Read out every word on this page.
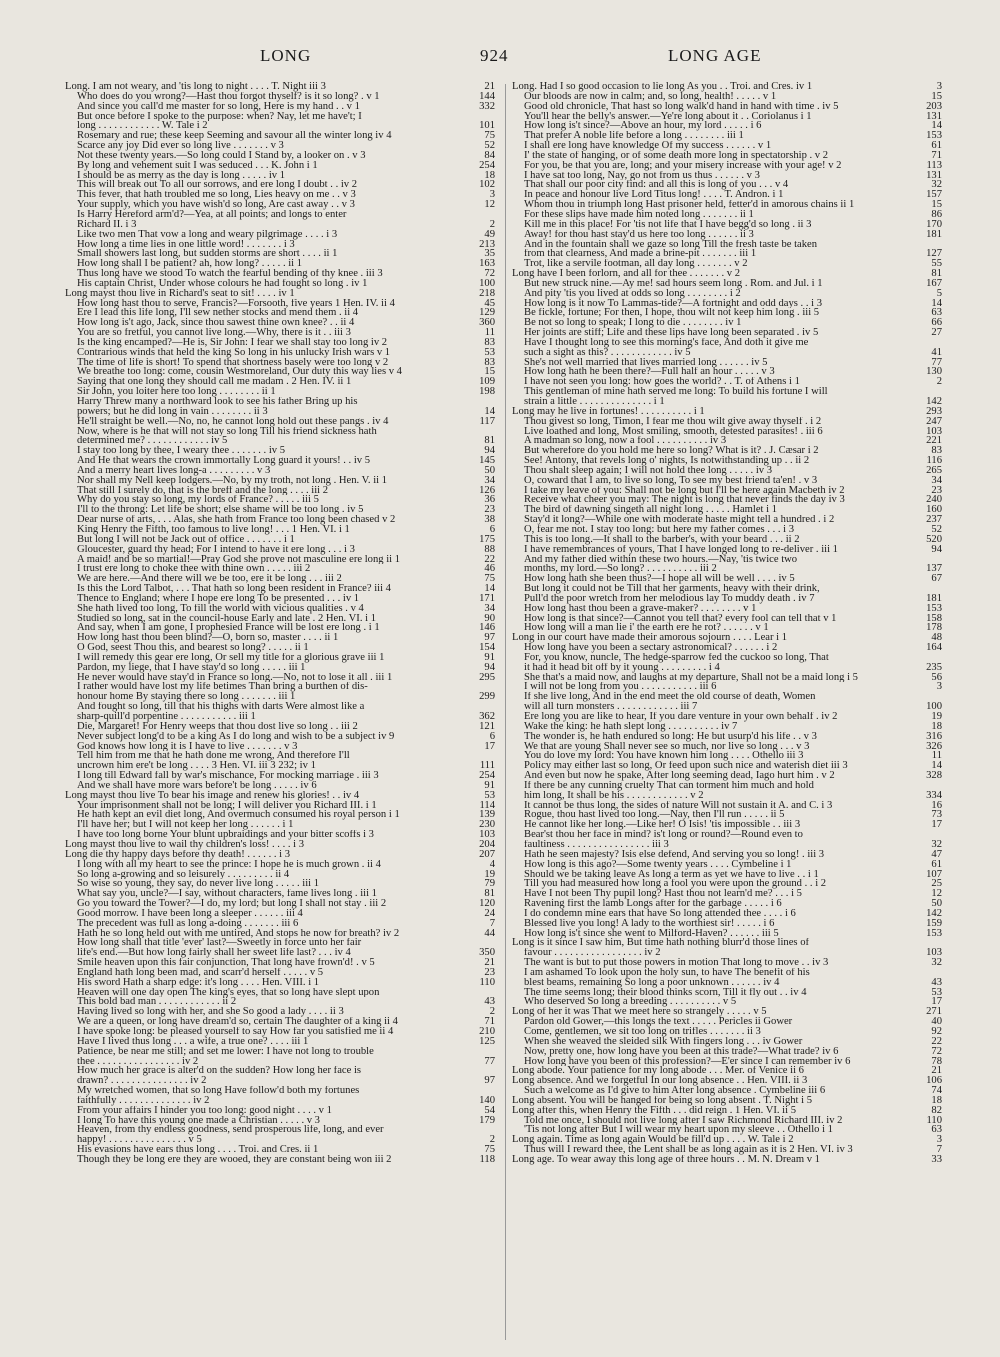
LONG	924	LONG AGE
Long. I am not weary, and 'tis long to night . . . . T. Night iii 3	21
Who does do you wrong?—Hast thou forgot thyself? is it so long? . v 1	144
And since you call'd me master for so long, Here is my hand . . v 1	332
But once before I spoke to the purpose: when? Nay, let me have't; I
long . . . . . . . . . . . . W. Tale i 2	101
Rosemary and rue; these keep Seeming and savour all the winter long iv 4	75
Scarce any joy Did ever so long live . . . . . . . v 3	52
Not these twenty years.—So long could I Stand by, a looker on . v 3	84
By long and vehement suit I was seduced . . . K. John i 1	254
I should be as merry as the day is long . . . . . iv 1	18
This will break out To all our sorrows, and ere long I doubt . . iv 2	102
This fever, that hath troubled me so long, Lies heavy on me . . v 3	3
Your supply, which you have wish'd so long, Are cast away . . v 3	12
Is Harry Hereford arm'd?—Yea, at all points; and longs to enter
Richard II. i 3	2
Like two men That vow a long and weary pilgrimage . . . . i 3	49
How long a time lies in one little word! . . . . . . . i 3	213
Small showers last long, but sudden storms are short . . . . ii 1	35
How long shall I be patient? ah, how long? . . . . . ii 1	163
Thus long have we stood To watch the fearful bending of thy knee . iii 3	72
His captain Christ, Under whose colours he had fought so long . iv 1	100
Long mayst thou live in Richard's seat to sit! . . . . iv 1	218
How long hast thou to serve, Francis?—Forsooth, five years 1 Hen. IV. ii 4	45
Ere I lead this life long, I'll sew nether stocks and mend them . ii 4	129
How long is't ago, Jack, since thou sawest thine own knee? . . ii 4	360
You are so fretful, you cannot live long.—Why, there is it . . iii 3	11
Is the king encamped?—He is, Sir John: I fear we shall stay too long iv 2	83
Contrarious winds that held the king So long in his unlucky Irish wars v 1	53
The time of life is short! To spend that shortness basely were too long v 2	83
We breathe too long: come, cousin Westmoreland, Our duty this way lies v 4	15
Saying that one long they should call me madam . 2 Hen. IV. ii 1	109
Sir John, you loiter here too long . . . . . . . . ii 1	198
Harry Threw many a northward look to see his father Bring up his
powers; but he did long in vain . . . . . . . . ii 3	14
He'll straight be well.—No, no, he cannot long hold out these pangs . iv 4	117
Now, where is he that will not stay so long Till his friend sickness hath
determined me? . . . . . . . . . . . . iv 5	81
I stay too long by thee, I weary thee . . . . . . . iv 5	94
And He that wears the crown immortally Long guard it yours! . . iv 5	145
And a merry heart lives long-a . . . . . . . . . v 3	50
Nor shall my Nell keep lodgers.—No, by my troth, not long . Hen. V. ii 1	34
That still I surely do, that is the breff and the long . . . . iii 2	126
Why do you stay so long, my lords of France? . . . . . iii 5	36
I'll to the throng: Let life be short; else shame will be too long . iv 5	23
Dear nurse of arts, . . . Alas, she hath from France too long been chased v 2	38
King Henry the Fifth, too famous to live long! . . . 1 Hen. VI. i 1	6
But long I will not be Jack out of office . . . . . . . i 1	175
Gloucester, guard thy head; For I intend to have it ere long . . . i 3	88
A maid! and be so martial!—Pray God she prove not masculine ere long ii 1	22
I trust ere long to choke thee with thine own . . . . . iii 2	46
We are here.—And there will we be too, ere it be long . . . iii 2	75
Is this the Lord Talbot, . . . That hath so long been resident in France? iii 4	14
Thence to England; where I hope ere long To be presented . . . iv 1	171
She hath lived too long, To fill the world with vicious qualities . v 4	34
Studied so long, sat in the council-house Early and late . 2 Hen. VI. i 1	90
And say, when I am gone, I prophesied France will be lost ere long . i 1	146
How long hast thou been blind?—O, born so, master . . . . ii 1	97
O God, seest Thou this, and bearest so long? . . . . . ii 1	154
I will remedy this gear ere long, Or sell my title for a glorious grave iii 1	91
Pardon, my liege, that I have stay'd so long . . . . . iii 1	94
He never would have stay'd in France so long.—No, not to lose it all . iii 1	295
I rather would have lost my life betimes Than bring a burthen of dis-
honour home By staying there so long . . . . . . . iii 1	299
And fought so long, till that his thighs with darts Were almost like a
sharp-quill'd porpentine . . . . . . . . . . . iii 1	362
Die, Margaret! For Henry weeps that thou dost live so long . . iii 2	121
Never subject long'd to be a king As I do long and wish to be a subject iv 9	6
God knows how long it is I have to live . . . . . . . v 3	17
Tell him from me that he hath done me wrong, And therefore I'll
uncrown him ere't be long . . . . 3 Hen. VI. iii 3 232; iv 1	111
I long till Edward fall by war's mischance, For mocking marriage . iii 3	254
And we shall have more wars before't be long . . . . . iv 6	91
Long mayst thou live To bear his image and renew his glories! . . iv 4	53
Your imprisonment shall not be long; I will deliver you Richard III. i 1	114
He hath kept an evil diet long, And overmuch consumed his royal person i 1	139
I'll have her; but I will not keep her long . . . . . . i 1	230
I have too long borne Your blunt upbraidings and your bitter scoffs i 3	103
Long mayst thou live to wail thy children's loss! . . . . i 3	204
Long die thy happy days before thy death! . . . . . . i 3	207
I long with all my heart to see the prince: I hope he is much grown . ii 4	4
So long a-growing and so leisurely . . . . . . . . . ii 4	19
So wise so young, they say, do never live long . . . . . iii 1	79
What say you, uncle?—I say, without characters, fame lives long . iii 1	81
Go you toward the Tower?—I do, my lord; but long I shall not stay . iii 2	120
Good morrow. I have been long a sleeper . . . . . . iii 4	24
The precedent was full as long a-doing . . . . . . . iii 6	7
Hath he so long held out with me untired, And stops he now for breath? iv 2	44
How long shall that title 'ever' last?—Sweetly in force unto her fair
life's end.—But how long fairly shall her sweet life last? . . . iv 4	350
Smile heaven upon this fair conjunction, That long have frown'd! . v 5	21
England hath long been mad, and scarr'd herself . . . . . v 5	23
His sword Hath a sharp edge: it's long . . . . Hen. VIII. i 1	110
Heaven will one day open The king's eyes, that so long have slept upon
This bold bad man . . . . . . . . . . . . ii 2	43
Having lived so long with her, and she So good a lady . . . . ii 3	2
We are a queen, or long have dream'd so, certain The daughter of a king ii 4	71
I have spoke long: be pleased yourself to say How far you satisfied me ii 4	210
Have I lived thus long . . . a wife, a true one? . . . . iii 1	125
Patience, be near me still; and set me lower: I have not long to trouble
thee . . . . . . . . . . . . . . . . iv 2	77
How much her grace is alter'd on the sudden? How long her face is
drawn? . . . . . . . . . . . . . . . iv 2	97
My wretched women, that so long Have follow'd both my fortunes
faithfully . . . . . . . . . . . . . . iv 2	140
From your affairs I hinder you too long: good night . . . . v 1	54
I long To have this young one made a Christian . . . . . v 3	179
Heaven, from thy endless goodness, send prosperous life, long, and ever
happy! . . . . . . . . . . . . . . . v 5	2
His evasions have ears thus long . . . . Troi. and Cres. ii 1	75
Though they be long ere they are wooed, they are constant being won iii 2	118
Long. Had I so good occasion to lie long As you . . Troi. and Cres. iv 1	3
Our bloods are now in calm; and, so long, health! . . . . . v 1	15
Good old chronicle, That hast so long walk'd hand in hand with time . iv 5	203
You'll hear the belly's answer.—Ye're long about it . . Coriolanus i 1	131
How long is't since?—Above an hour, my lord . . . . . i 6	14
That prefer A noble life before a long . . . . . . . . iii 1	153
I shall ere long have knowledge Of my success . . . . . . v 1	61
I' the state of hanging, or of some death more long in spectatorship . v 2	71
For you, be that you are, long; and your misery increase with your age! v 2	113
I have sat too long, Nay, go not from us thus . . . . . . v 3	131
That shall our poor city find: and all this is long of you . . . v 4	32
In peace and honour live Lord Titus long! . . . . T. Andron. i 1	157
Whom thou in triumph long Hast prisoner held, fetter'd in amorous chains ii 1	15
For these slips have made him noted long . . . . . . . ii 1	86
Kill me in this place! For 'tis not life that I have begg'd so long . ii 3	170
Away! for thou hast stay'd us here too long . . . . . . ii 3	181
And in the fountain shall we gaze so long Till the fresh taste be taken
from that clearness, And made a brine-pit . . . . . . . iii 1	127
Trot, like a servile footman, all day long . . . . . . . v 2	55
Long have I been forlorn, and all for thee . . . . . . . v 2	81
But new struck nine.—Ay me! sad hours seem long . Rom. and Jul. i 1	167
And pity 'tis you lived at odds so long . . . . . . . . i 2	5
How long is it now To Lammas-tide?—A fortnight and odd days . . i 3	14
Be fickle, fortune; For then, I hope, thou wilt not keep him long . iii 5	63
Be not so long to speak; I long to die . . . . . . . . iv 1	66
Her joints are stiff; Life and these lips have long been separated . iv 5	27
Have I thought long to see this morning's face, And doth it give me
such a sight as this? . . . . . . . . . . . . iv 5	41
She's not well married that lives married long . . . . . . iv 5	77
How long hath he been there?—Full half an hour . . . . . v 3	130
I have not seen you long: how goes the world? . . T. of Athens i 1	2
This gentleman of mine hath served me long: To build his fortune I will
strain a little . . . . . . . . . . . . . . i 1	142
Long may he live in fortunes! . . . . . . . . . . i 1	293
Thou givest so long, Timon, I fear me thou wilt give away thyself . i 2	247
Live loathed and long, Most smiling, smooth, detested parasites! . iii 6	103
A madman so long, now a fool . . . . . . . . . . iv 3	221
But wherefore do you hold me here so long? What is it? . J. Cæsar i 2	83
See! Antony, that revels long o' nights, Is notwithstanding up . . ii 2	116
Thou shalt sleep again; I will not hold thee long . . . . . iv 3	265
O, coward that I am, to live so long, To see my best friend ta'en! . v 3	34
I take my leave of you: Shall not be long but I'll be here again Macbeth iv 2	23
Receive what cheer you may: The night is long that never finds the day iv 3	240
The bird of dawning singeth all night long . . . . . Hamlet i 1	160
Stay'd it long?—While one with moderate haste might tell a hundred . i 2	237
O, fear me not. I stay too long: but here my father comes . . . i 3	52
This is too long.—It shall to the barber's, with your beard . . . ii 2	520
I have remembrances of yours, That I have longed long to re-deliver . iii 1	94
And my father died within these two hours.—Nay, 'tis twice two
months, my lord.—So long? . . . . . . . . . . iii 2	137
How long hath she been thus?—I hope all will be well . . . . iv 5	67
But long it could not be Till that her garments, heavy with their drink,
Pull'd the poor wretch from her melodious lay To muddy death . iv 7	181
How long hast thou been a grave-maker? . . . . . . . . v 1	153
How long is that since?—Cannot you tell that? every fool can tell that v 1	158
How long will a man lie i' the earth ere he rot? . . . . . . v 1	178
Long in our court have made their amorous sojourn . . . . Lear i 1	48
How long have you been a sectary astronomical? . . . . . . i 2	164
For, you know, nuncle, The hedge-sparrow fed the cuckoo so long, That
it had it head bit off by it young . . . . . . . . . i 4	235
She that's a maid now, and laughs at my departure, Shall not be a maid long i 5	56
I will not be long from you . . . . . . . . . . . iii 6	3
If she live long, And in the end meet the old course of death, Women
will all turn monsters . . . . . . . . . . . . iii 7	100
Ere long you are like to hear, If you dare venture in your own behalf . iv 2	19
Wake the king: he hath slept long . . . . . . . . . . iv 7	18
The wonder is, he hath endured so long: He but usurp'd his life . . v 3	316
We that are young Shall never see so much, nor live so long . . . v 3	326
You do love my lord: You have known him long . . . . Othello iii 3	11
Policy may either last so long, Or feed upon such nice and waterish diet iii 3	14
And even but now he spake, After long seeming dead, Iago hurt him . v 2	328
If there be any cunning cruelty That can torment him much and hold
him long, It shall be his . . . . . . . . . . . . v 2	334
It cannot be thus long, the sides of nature Will not sustain it A. and C. i 3	16
Rogue, thou hast lived too long.—Nay, then I'll run . . . . . ii 5	73
He cannot like her long.—Like her! O Isis! 'tis impossible . . iii 3	17
Bear'st thou her face in mind? is't long or round?—Round even to
faultiness . . . . . . . . . . . . . . . . iii 3	32
Hath he seen majesty? Isis else defend, And serving you so long! . iii 3	47
How long is this ago?—Some twenty years . . . . Cymbeline i 1	61
Should we be taking leave As long a term as yet we have to live . . i 1	107
Till you had measured how long a fool you were upon the ground . . i 2	25
Have I not been Thy pupil long? Hast thou not learn'd me? . . . i 5	12
Ravening first the lamb Longs after for the garbage . . . . . i 6	50
I do condemn mine ears that have So long attended thee . . . . i 6	142
Blessed live you long! A lady to the worthiest sir! . . . . . i 6	159
How long is't since she went to Milford-Haven? . . . . . . iii 5	153
Long is it since I saw him, But time hath nothing blurr'd those lines of
favour . . . . . . . . . . . . . . . . . iv 2	103
The want is but to put those powers in motion That long to move . . iv 3	32
I am ashamed To look upon the holy sun, to have The benefit of his
blest beams, remaining So long a poor unknown . . . . . . iv 4	43
The time seems long; their blood thinks scorn, Till it fly out . . iv 4	53
Who deserved So long a breeding . . . . . . . . . . v 5	17
Long of her it was That we meet here so strangely . . . . . v 5	271
Pardon old Gower,—this longs the text . . . . . Pericles ii Gower	40
Come, gentlemen, we sit too long on trifles . . . . . . . ii 3	92
When she weaved the sleided silk With fingers long . . . iv Gower	22
Now, pretty one, how long have you been at this trade?—What trade? iv 6	72
How long have you been of this profession?—E'er since I can remember iv 6	78
Long abode. Your patience for my long abode . . . Mer. of Venice ii 6	21
Long absence. And we forgetful In our long absence . . Hen. VIII. ii 3	106
Such a welcome as I'd give to him After long absence . Cymbeline iii 6	74
Long absent. You will be hanged for being so long absent . T. Night i 5	18
Long after this, when Henry the Fifth . . . did reign . 1 Hen. VI. ii 5	82
Told me once, I should not live long after I saw Richmond Richard III. iv 2	110
'Tis not long after But I will wear my heart upon my sleeve . . Othello i 1	63
Long again. Time as long again Would be fill'd up . . . . W. Tale i 2	3
Thus will I reward thee, the Lent shall be as long again as it is 2 Hen. VI. iv 3	7
Long age. To wear away this long age of three hours . . M. N. Dream v 1	33
